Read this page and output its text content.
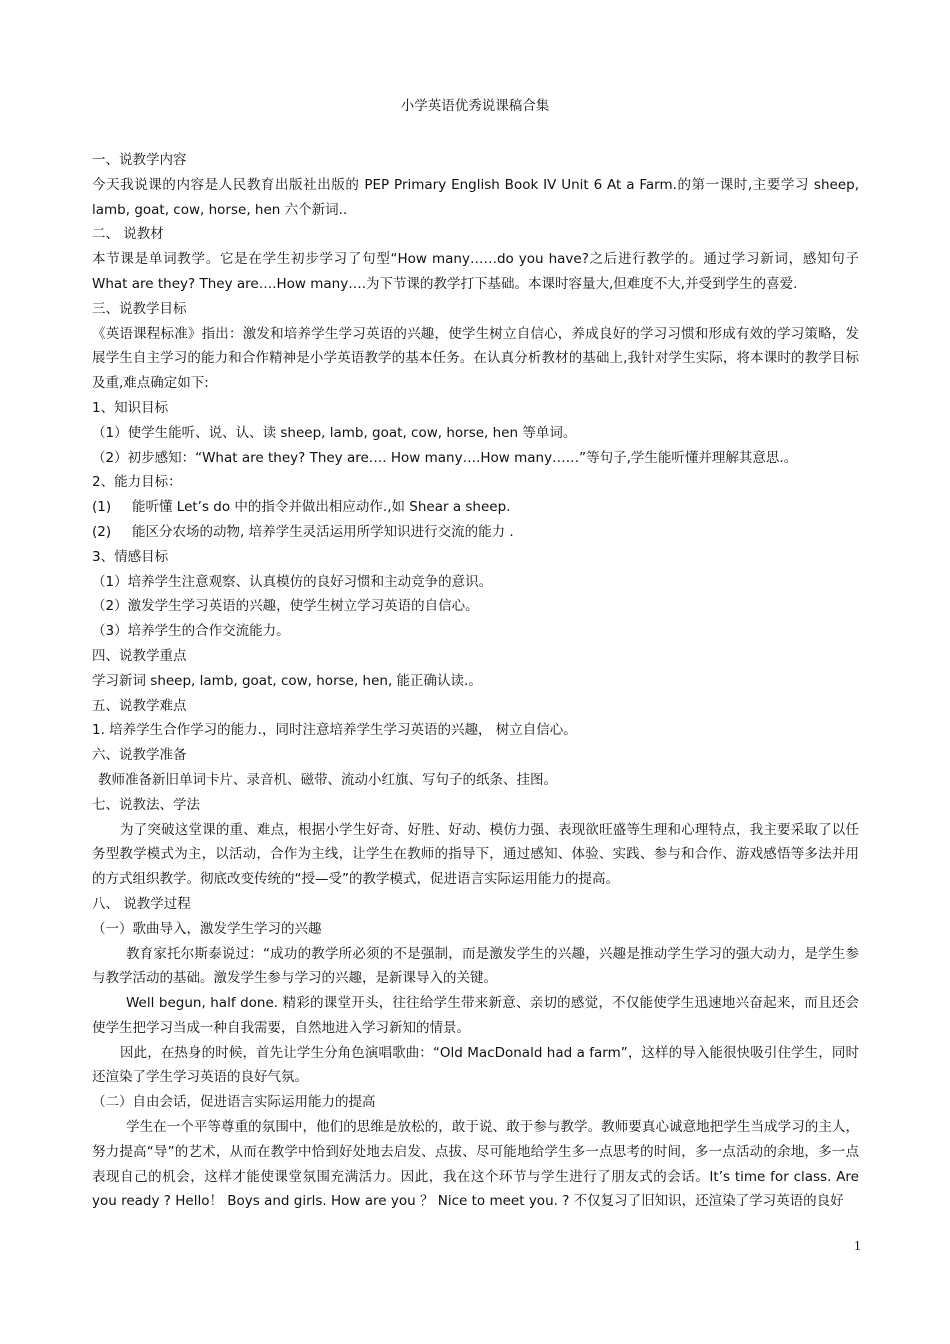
小学英语优秀说课稿合集

一、说教学内容

今天我说课的内容是人民教育出版社出版的 PEP Primary English Book IV Unit 6 At a Farm.的第一课时,主要学习 sheep, lamb, goat, cow, horse, hen 六个新词..

二、 说教材

本节课是单词教学。它是在学生初步学习了句型“How many……do you have?之后进行教学的。通过学习新词，感知句子 What are they? They are….How many….为下节课的教学打下基础。本课时容量大,但难度不大,并受到学生的喜爱.

三、说教学目标

《英语课程标准》指出：激发和培养学生学习英语的兴趣，使学生树立自信心，养成良好的学习习惯和形成有效的学习策略，发展学生自主学习的能力和合作精神是小学英语教学的基本任务。在认真分析教材的基础上,我针对学生实际，将本课时的教学目标及重,难点确定如下:

1、知识目标

（1）使学生能听、说、认、读 sheep, lamb, goat, cow, horse, hen 等单词。

（2）初步感知：“What are they? They are…. How many….How many……”等句子,学生能听懂并理解其意思.。

2、能力目标：

(1)	能听懂 Let’s do 中的指令并做出相应动作.,如 Shear a sheep.
(2)	能区分农场的动物, 培养学生灵活运用所学知识进行交流的能力 .

3、情感目标

（1）培养学生注意观察、认真模仿的良好习惯和主动竞争的意识。

（2）激发学生学习英语的兴趣，使学生树立学习英语的自信心。

（3）培养学生的合作交流能力。

四、说教学重点

学习新词 sheep, lamb, goat, cow, horse, hen, 能正确认读.。

五、说教学难点

1. 培养学生合作学习的能力.，同时注意培养学生学习英语的兴趣， 树立自信心。

六、说教学准备

教师准备新旧单词卡片、录音机、磁带、流动小红旗、写句子的纸条、挂图。

七、说教法、学法

为了突破这堂课的重、难点，根据小学生好奇、好胜、好动、模仿力强、表现欲旺盛等生理和心理特点，我主要采取了以任务型教学模式为主，以活动，合作为主线，让学生在教师的指导下，通过感知、体验、实践、参与和合作、游戏感悟等多法并用的方式组织教学。彻底改变传统的“授—受”的教学模式，促进语言实际运用能力的提高。

八、 说教学过程

（一）歌曲导入，激发学生学习的兴趣

教育家托尔斯泰说过：“成功的教学所必须的不是强制，而是激发学生的兴趣，兴趣是推动学生学习的强大动力，是学生参与教学活动的基础。激发学生参与学习的兴趣，是新课导入的关键。

Well begun, half done. 精彩的课堂开头，往往给学生带来新意、亲切的感觉，不仅能使学生迅速地兴奋起来，而且还会使学生把学习当成一种自我需要，自然地进入学习新知的情景。

因此，在热身的时候，首先让学生分角色演唱歌曲：“Old MacDonald had a farm”，这样的导入能很快吸引住学生，同时还渲染了学生学习英语的良好气氛。

（二）自由会话，促进语言实际运用能力的提高

学生在一个平等尊重的氛围中，他们的思维是放松的，敢于说、敢于参与教学。教师要真心诚意地把学生当成学习的主人，努力提高“导”的艺术，从而在教学中恰到好处地去启发、点拔、尽可能地给学生多一点思考的时间，多一点活动的余地，多一点表现自己的机会，这样才能使课堂氛围充满活力。因此，我在这个环节与学生进行了朋友式的会话。It’s time for class. Are you ready ? Hello！ Boys and girls. How are you ？ Nice to meet you. ? 不仅复习了旧知识，还渲染了学习英语的良好

1
